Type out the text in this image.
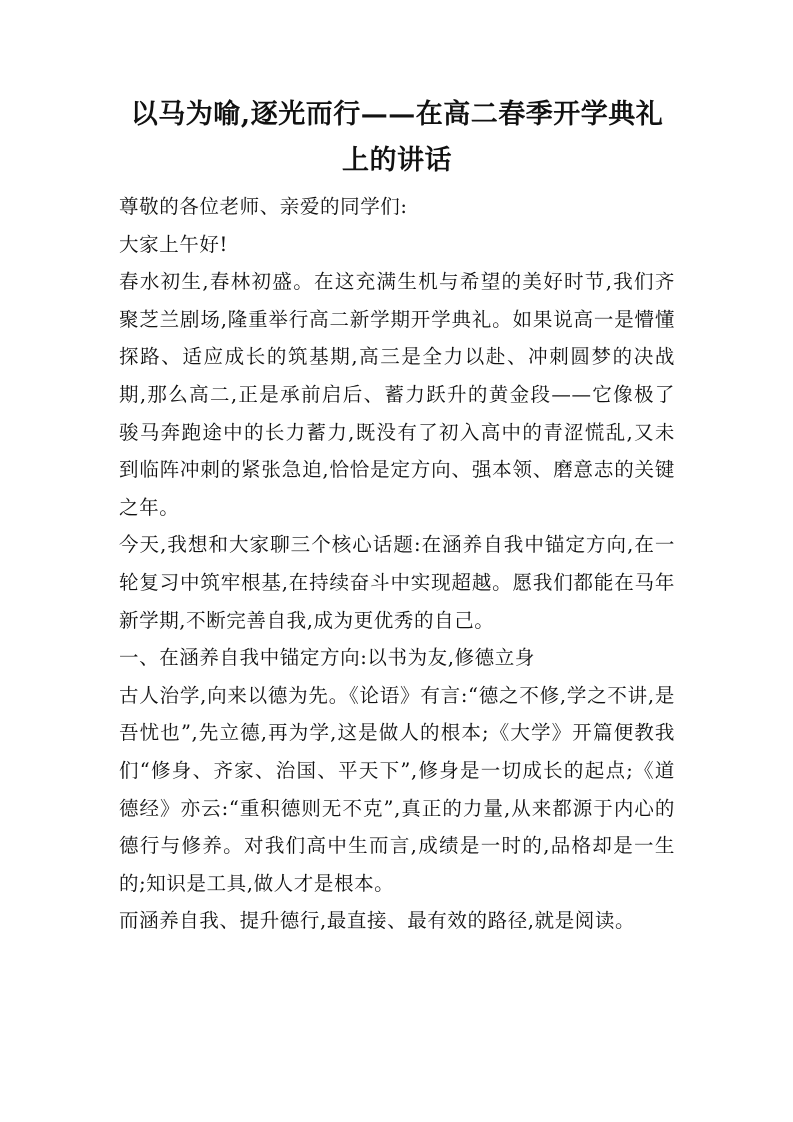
以马为喻,逐光而行——在高二春季开学典礼上的讲话

尊敬的各位老师、亲爱的同学们:

大家上午好!

春水初生,春林初盛。在这充满生机与希望的美好时节,我们齐聚芝兰剧场,隆重举行高二新学期开学典礼。如果说高一是懵懂探路、适应成长的筑基期,高三是全力以赴、冲刺圆梦的决战期,那么高二,正是承前启后、蓄力跃升的黄金段——它像极了骏马奔跑途中的长力蓄力,既没有了初入高中的青涩慌乱,又未到临阵冲刺的紧张急迫,恰恰是定方向、强本领、磨意志的关键之年。

今天,我想和大家聊三个核心话题:在涵养自我中锚定方向,在一轮复习中筑牢根基,在持续奋斗中实现超越。愿我们都能在马年新学期,不断完善自我,成为更优秀的自己。

一、在涵养自我中锚定方向:以书为友,修德立身

古人治学,向来以德为先。《论语》有言:“德之不修,学之不讲,是吾忧也”,先立德,再为学,这是做人的根本;《大学》开篇便教我们“修身、齐家、治国、平天下”,修身是一切成长的起点;《道德经》亦云:“重积德则无不克”,真正的力量,从来都源于内心的德行与修养。对我们高中生而言,成绩是一时的,品格却是一生的;知识是工具,做人才是根本。

而涵养自我、提升德行,最直接、最有效的路径,就是阅读。
